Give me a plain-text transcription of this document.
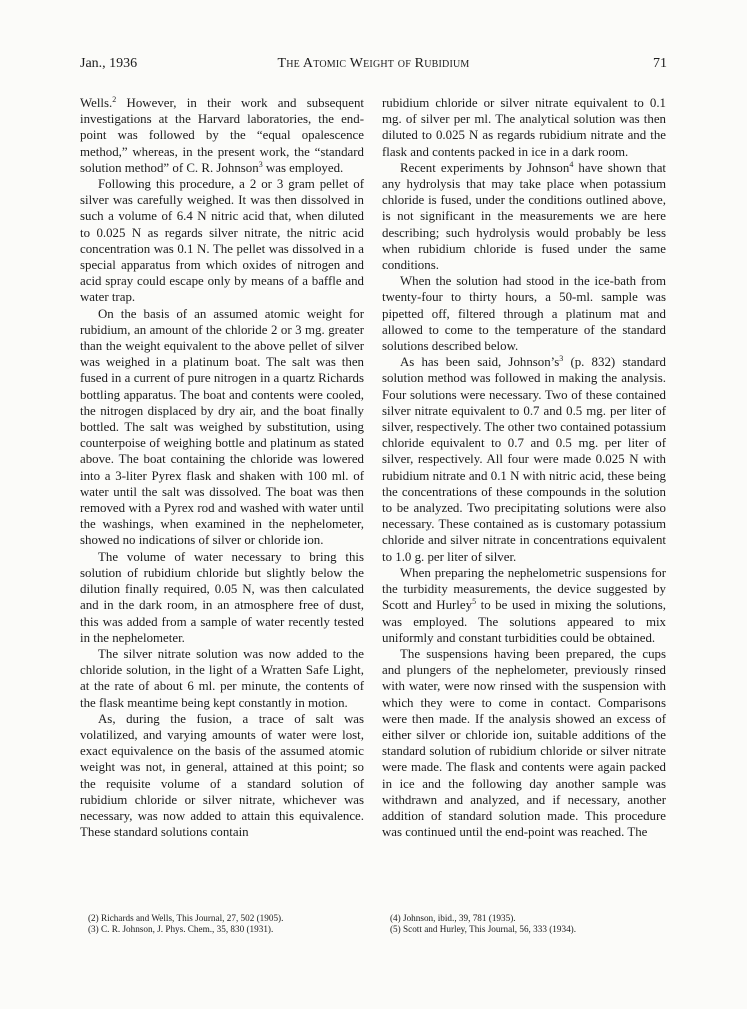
Jan., 1936	The Atomic Weight of Rubidium	71

Wells.$^2$ However, in their work and subsequent investigations at the Harvard laboratories, the end-point was followed by the “equal opalescence method,” whereas, in the present work, the “standard solution method” of C. R. Johnson$^3$ was employed.

Following this procedure, a 2 or 3 gram pellet of silver was carefully weighed. It was then dissolved in such a volume of 6.4 N nitric acid that, when diluted to 0.025 N as regards silver nitrate, the nitric acid concentration was 0.1 N. The pellet was dissolved in a special apparatus from which oxides of nitrogen and acid spray could escape only by means of a baffle and water trap.

On the basis of an assumed atomic weight for rubidium, an amount of the chloride 2 or 3 mg. greater than the weight equivalent to the above pellet of silver was weighed in a platinum boat. The salt was then fused in a current of pure nitrogen in a quartz Richards bottling apparatus. The boat and contents were cooled, the nitrogen displaced by dry air, and the boat finally bottled. The salt was weighed by substitution, using counterpoise of weighing bottle and platinum as stated above. The boat containing the chloride was lowered into a 3-liter Pyrex flask and shaken with 100 ml. of water until the salt was dissolved. The boat was then removed with a Pyrex rod and washed with water until the washings, when examined in the nephelometer, showed no indications of silver or chloride ion.

The volume of water necessary to bring this solution of rubidium chloride but slightly below the dilution finally required, 0.05 N, was then calculated and in the dark room, in an atmosphere free of dust, this was added from a sample of water recently tested in the nephelometer.

The silver nitrate solution was now added to the chloride solution, in the light of a Wratten Safe Light, at the rate of about 6 ml. per minute, the contents of the flask meantime being kept constantly in motion.

As, during the fusion, a trace of salt was volatilized, and varying amounts of water were lost, exact equivalence on the basis of the assumed atomic weight was not, in general, attained at this point; so the requisite volume of a standard solution of rubidium chloride or silver nitrate, whichever was necessary, was now added to attain this equivalence. These standard solutions contain

rubidium chloride or silver nitrate equivalent to 0.1 mg. of silver per ml. The analytical solution was then diluted to 0.025 N as regards rubidium nitrate and the flask and contents packed in ice in a dark room.

Recent experiments by Johnson$^4$ have shown that any hydrolysis that may take place when potassium chloride is fused, under the conditions outlined above, is not significant in the measurements we are here describing; such hydrolysis would probably be less when rubidium chloride is fused under the same conditions.

When the solution had stood in the ice-bath from twenty-four to thirty hours, a 50-ml. sample was pipetted off, filtered through a platinum mat and allowed to come to the temperature of the standard solutions described below.

As has been said, $Johnson’s^3$ (p. 832) standard solution method was followed in making the analysis. Four solutions were necessary. Two of these contained silver nitrate equivalent to 0.7 and 0.5 mg. per liter of silver, respectively. The other two contained potassium chloride equivalent to 0.7 and 0.5 mg. per liter of silver, respectively. All four were made 0.025 N with rubidium nitrate and 0.1 N with nitric acid, these being the concentrations of these compounds in the solution to be analyzed. Two precipitating solutions were also necessary. These contained as is customary potassium chloride and silver nitrate in concentrations equivalent to 1.0 g. per liter of silver.

When preparing the nephelometric suspensions for the turbidity measurements, the device suggested by Scott and Hurley$^5$ to be used in mixing the solutions, was employed. The solutions appeared to mix uniformly and constant turbidities could be obtained.

The suspensions having been prepared, the cups and plungers of the nephelometer, previously rinsed with water, were now rinsed with the suspension with which they were to come in contact. Comparisons were then made. If the analysis showed an excess of either silver or chloride ion, suitable additions of the standard solution of rubidium chloride or silver nitrate were made. The flask and contents were again packed in ice and the following day another sample was withdrawn and analyzed, and if necessary, another addition of standard solution made. This procedure was continued until the end-point was reached. The

(2) Richards and Wells, This Journal, 27, 502 (1905).
(3) C. R. Johnson, J. Phys. Chem., 35, 830 (1931).
(4) Johnson, ibid., 39, 781 (1935).
(5) Scott and Hurley, This Journal, 56, 333 (1934).
